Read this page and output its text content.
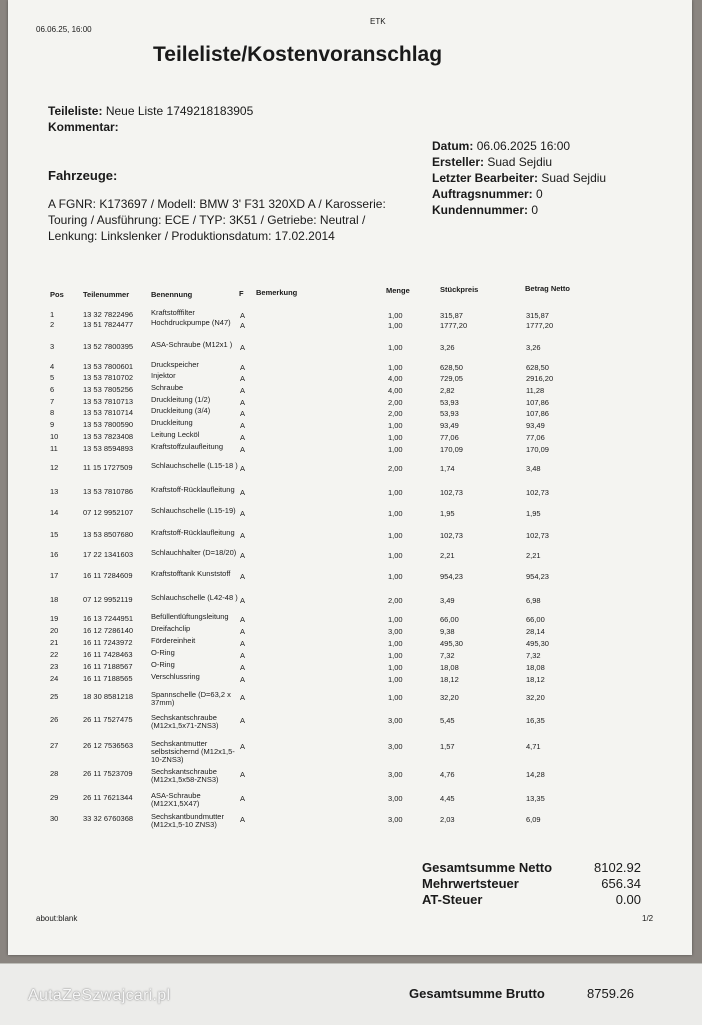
06.06.25, 16:00
ETK
Teileliste/Kostenvoranschlag
Teileliste: Neue Liste 1749218183905
Kommentar:
Datum: 06.06.2025 16:00
Ersteller: Suad Sejdiu
Letzter Bearbeiter: Suad Sejdiu
Auftragsnummer: 0
Kundennummer: 0
Fahrzeuge:
A FGNR: K173697 / Modell: BMW 3' F31 320XD A / Karosserie:
Touring / Ausführung: ECE / TYP: 3K51 / Getriebe: Neutral /
Lenkung: Linkslenker / Produktionsdatum: 17.02.2014
Pos	Teilenummer	Benennung	F Bemerkung	Menge	Stückpreis	Betrag Netto
1	13 32 7822496 Kraftstofffilter	A	1,00	315,87	315,87
2	13 51 7824477 Hochdruckpumpe (N47)	A	1,00	1777,20	1777,20
3	13 52 7800395 ASA-Schraube (M12x1 )	A	1,00	3,26	3,26
4	13 53 7800601 Druckspeicher	A	1,00	628,50	628,50
5	13 53 7810702 Injektor	A	4,00	729,05	2916,20
6	13 53 7805256 Schraube	A	4,00	2,82	11,28
7	13 53 7810713 Druckleitung (1/2)	A	2,00	53,93	107,86
8	13 53 7810714 Druckleitung (3/4)	A	2,00	53,93	107,86
9	13 53 7800590 Druckleitung	A	1,00	93,49	93,49
10	13 53 7823408 Leitung Lecköl	A	1,00	77,06	77,06
11	13 53 8594893 Kraftstoffzulaufleitung	A	1,00	170,09	170,09
12	11 15 1727509 Schlauchschelle (L15-18 ) A	2,00	1,74	3,48
13	13 53 7810786 Kraftstoff-Rücklaufleitung A	1,00	102,73	102,73
14	07 12 9952107 Schlauchschelle (L15-19) A	1,00	1,95	1,95
15	13 53 8507680 Kraftstoff-Rücklaufleitung A	1,00	102,73	102,73
16	17 22 1341603 Schlauchhalter (D=18/20) A	1,00	2,21	2,21
17	16 11 7284609 Kraftstofftank Kunststoff	A	1,00	954,23	954,23
18	07 12 9952119 Schlauchschelle (L42-48 ) A	2,00	3,49	6,98
19	16 13 7244951 Befüllentlüftungsleitung	A	1,00	66,00	66,00
20	16 12 7286140 Dreifachclip	A	3,00	9,38	28,14
21	16 11 7243972 Fördereinheit	A	1,00	495,30	495,30
22	16 11 7428463 O-Ring	A	1,00	7,32	7,32
23	16 11 7188567 O-Ring	A	1,00	18,08	18,08
24	16 11 7188565 Verschlussring	A	1,00	18,12	18,12
25	18 30 8581218 Spannschelle (D=63,2 x 37mm)
A	1,00	32,20	32,20
26	26 11 7527475 Sechskantschraube (M12x1,5x71-ZNS3)
A	3,00	5,45	16,35
27	26 12 7536563 Sechskantmutter selbstsichernd (M12x1,5-10-ZNS3)
A	3,00	1,57	4,71
28	26 11 7523709 Sechskantschraube (M12x1,5x58-ZNS3)
A	3,00	4,76	14,28
29	26 11 7621344 ASA-Schraube (M12X1,5X47)
A	3,00	4,45	13,35
30	33 32 6760368 Sechskantbundmutter (M12x1,5-10 ZNS3)
A	3,00	2,03	6,09
Gesamtsumme Netto	8102.92
Mehrwertsteuer	656.34
AT-Steuer	0.00
about:blank	1/2
Gesamtsumme Brutto	8759.26
AutaZeSzwajcari.pl
